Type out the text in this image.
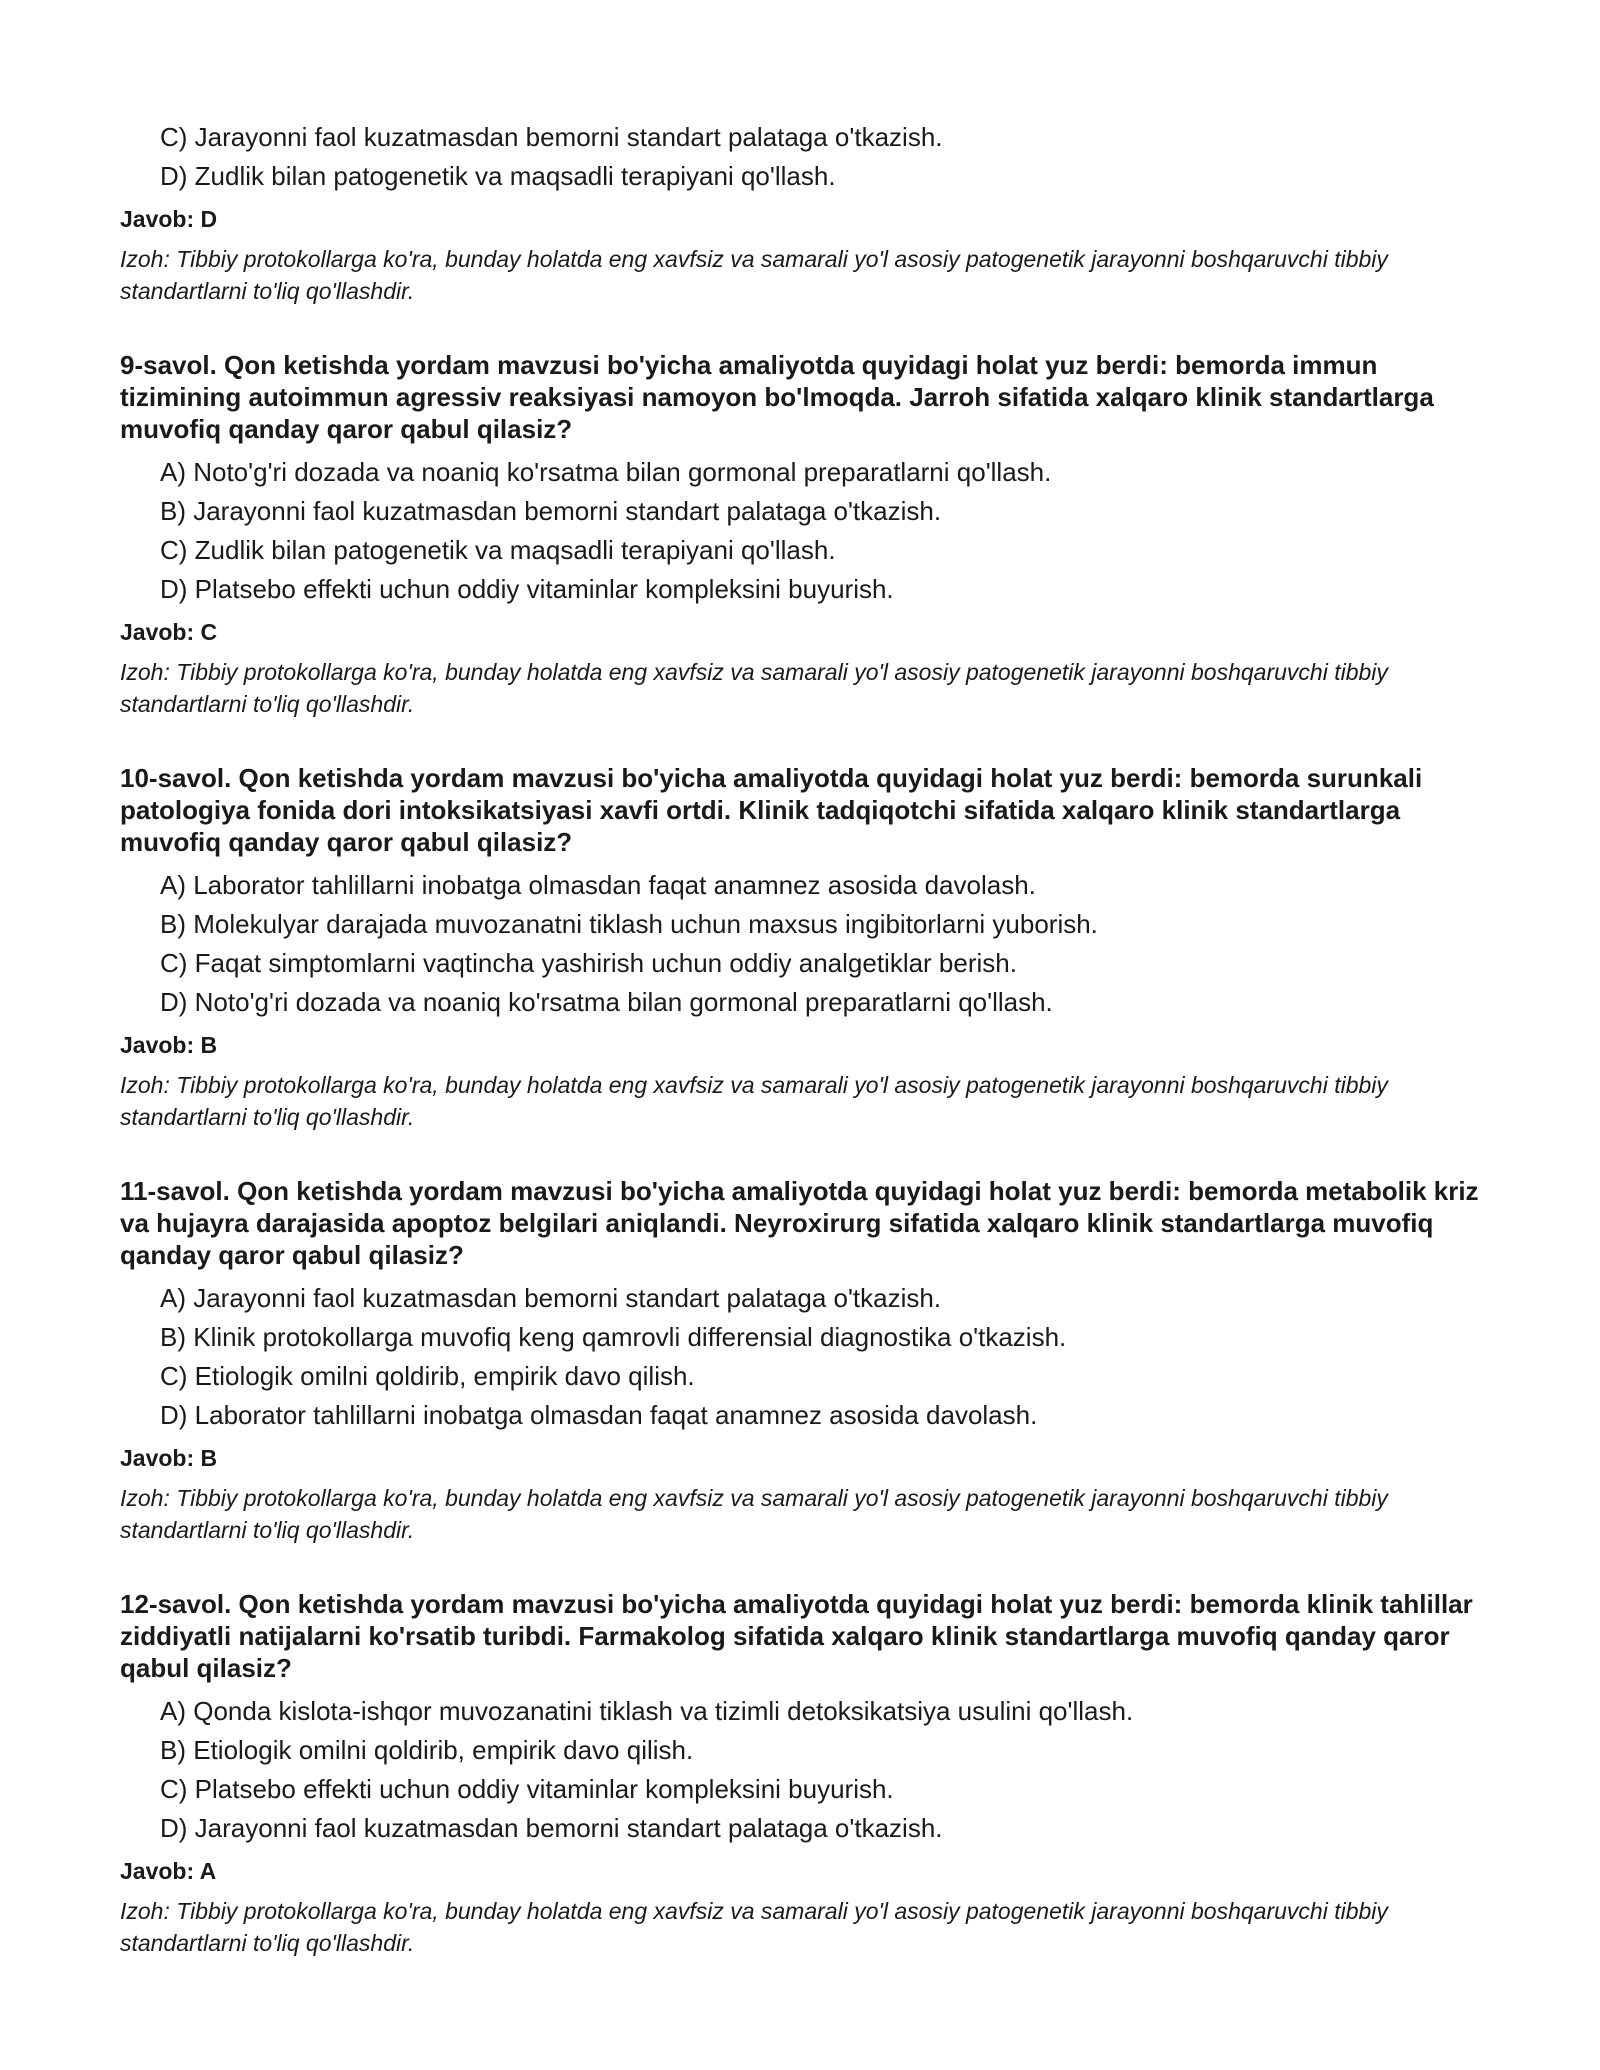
C) Jarayonni faol kuzatmasdan bemorni standart palataga o'tkazish.
D) Zudlik bilan patogenetik va maqsadli terapiyani qo'llash.
Javob: D
Izoh: Tibbiy protokollarga ko'ra, bunday holatda eng xavfsiz va samarali yo'l asosiy patogenetik jarayonni boshqaruvchi tibbiy standartlarni to'liq qo'llashdir.
9-savol. Qon ketishda yordam mavzusi bo'yicha amaliyotda quyidagi holat yuz berdi: bemorda immun tizimining autoimmun agressiv reaksiyasi namoyon bo'lmoqda. Jarroh sifatida xalqaro klinik standartlarga muvofiq qanday qaror qabul qilasiz?
A) Noto'g'ri dozada va noaniq ko'rsatma bilan gormonal preparatlarni qo'llash.
B) Jarayonni faol kuzatmasdan bemorni standart palataga o'tkazish.
C) Zudlik bilan patogenetik va maqsadli terapiyani qo'llash.
D) Platsebo effekti uchun oddiy vitaminlar kompleksini buyurish.
Javob: C
Izoh: Tibbiy protokollarga ko'ra, bunday holatda eng xavfsiz va samarali yo'l asosiy patogenetik jarayonni boshqaruvchi tibbiy standartlarni to'liq qo'llashdir.
10-savol. Qon ketishda yordam mavzusi bo'yicha amaliyotda quyidagi holat yuz berdi: bemorda surunkali patologiya fonida dori intoksikatsiyasi xavfi ortdi. Klinik tadqiqotchi sifatida xalqaro klinik standartlarga muvofiq qanday qaror qabul qilasiz?
A) Laborator tahlillarni inobatga olmasdan faqat anamnez asosida davolash.
B) Molekulyar darajada muvozanatni tiklash uchun maxsus ingibitorlarni yuborish.
C) Faqat simptomlarni vaqtincha yashirish uchun oddiy analgetiklar berish.
D) Noto'g'ri dozada va noaniq ko'rsatma bilan gormonal preparatlarni qo'llash.
Javob: B
Izoh: Tibbiy protokollarga ko'ra, bunday holatda eng xavfsiz va samarali yo'l asosiy patogenetik jarayonni boshqaruvchi tibbiy standartlarni to'liq qo'llashdir.
11-savol. Qon ketishda yordam mavzusi bo'yicha amaliyotda quyidagi holat yuz berdi: bemorda metabolik kriz va hujayra darajasida apoptoz belgilari aniqlandi. Neyroxirurg sifatida xalqaro klinik standartlarga muvofiq qanday qaror qabul qilasiz?
A) Jarayonni faol kuzatmasdan bemorni standart palataga o'tkazish.
B) Klinik protokollarga muvofiq keng qamrovli differensial diagnostika o'tkazish.
C) Etiologik omilni qoldirib, empirik davo qilish.
D) Laborator tahlillarni inobatga olmasdan faqat anamnez asosida davolash.
Javob: B
Izoh: Tibbiy protokollarga ko'ra, bunday holatda eng xavfsiz va samarali yo'l asosiy patogenetik jarayonni boshqaruvchi tibbiy standartlarni to'liq qo'llashdir.
12-savol. Qon ketishda yordam mavzusi bo'yicha amaliyotda quyidagi holat yuz berdi: bemorda klinik tahlillar ziddiyatli natijalarni ko'rsatib turibdi. Farmakolog sifatida xalqaro klinik standartlarga muvofiq qanday qaror qabul qilasiz?
A) Qonda kislota-ishqor muvozanatini tiklash va tizimli detoksikatsiya usulini qo'llash.
B) Etiologik omilni qoldirib, empirik davo qilish.
C) Platsebo effekti uchun oddiy vitaminlar kompleksini buyurish.
D) Jarayonni faol kuzatmasdan bemorni standart palataga o'tkazish.
Javob: A
Izoh: Tibbiy protokollarga ko'ra, bunday holatda eng xavfsiz va samarali yo'l asosiy patogenetik jarayonni boshqaruvchi tibbiy standartlarni to'liq qo'llashdir.
